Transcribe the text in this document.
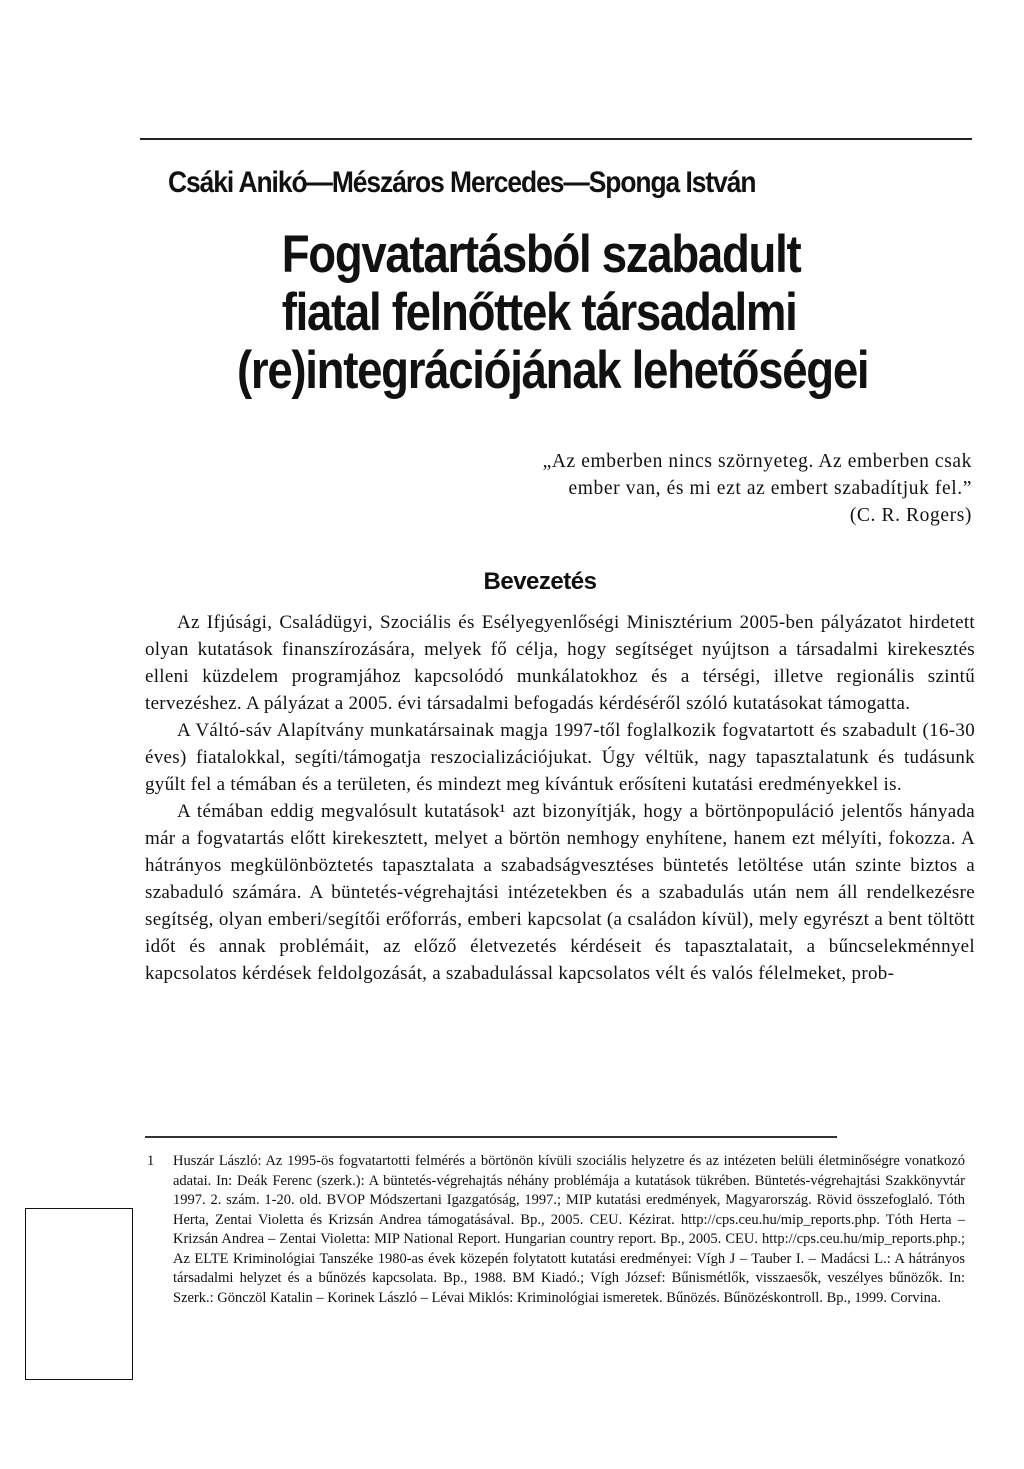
Csáki Anikó—Mészáros Mercedes—Sponga István
Fogvatartásból szabadult
fiatal felnőttek társadalmi
(re)integrációjának lehetőségei
„Az emberben nincs szörnyeteg. Az emberben csak
ember van, és mi ezt az embert szabadítjuk fel.”
(C. R. Rogers)
Bevezetés

Az Ifjúsági, Családügyi, Szociális és Esélyegyenlőségi Minisztérium 2005-ben pályázatot hirdetett olyan kutatások finanszírozására, melyek fő célja, hogy segítséget nyújtson a társadalmi kirekesztés elleni küzdelem programjához kapcsolódó munkálatokhoz és a térségi, illetve regionális szintű tervezéshez. A pályázat a 2005. évi társadalmi befogadás kérdéséről szóló kutatásokat támogatta.

A Váltó-sáv Alapítvány munkatársainak magja 1997-től foglalkozik fogvatartott és szabadult (16-30 éves) fiatalokkal, segíti/támogatja reszocializációjukat. Úgy véltük, nagy tapasztalatunk és tudásunk gyűlt fel a témában és a területen, és mindezt meg kívántuk erősíteni kutatási eredményekkel is.

A témában eddig megvalósult kutatások¹ azt bizonyítják, hogy a börtönpopuláció jelentős hányada már a fogvatartás előtt kirekesztett, melyet a börtön nemhogy enyhítene, hanem ezt mélyíti, fokozza. A hátrányos megkülönböztetés tapasztalata a szabadságvesztéses büntetés letöltése után szinte biztos a szabaduló számára. A büntetés-végrehajtási intézetekben és a szabadulás után nem áll rendelkezésre segítség, olyan emberi/segítői erőforrás, emberi kapcsolat (a családon kívül), mely egyrészt a bent töltött időt és annak problémáit, az előző életvezetés kérdéseit és tapasztalatait, a bűncselekménnyel kapcsolatos kérdések feldolgozását, a szabadulással kapcsolatos vélt és valós félelmeket, prob-

1 Huszár László: Az 1995-ös fogvatartotti felmérés a börtönön kívüli szociális helyzetre és az intézeten belüli életminőségre vonatkozó adatai. In: Deák Ferenc (szerk.): A büntetés-végrehajtás néhány problémája a kutatások tükrében. Büntetés-végrehajtási Szakkönyvtár 1997. 2. szám. 1-20. old. BVOP Módszertani Igazgatóság, 1997.; MIP kutatási eredmények, Magyarország. Rövid összefoglaló. Tóth Herta, Zentai Violetta és Krizsán Andrea támogatásával. Bp., 2005. CEU. Kézirat. http://cps.ceu.hu/mip_reports.php. Tóth Herta – Krizsán Andrea – Zentai Violetta: MIP National Report. Hungarian country report. Bp., 2005. CEU. http://cps.ceu.hu/mip_reports.php.; Az ELTE Kriminológiai Tanszéke 1980-as évek közepén folytatott kutatási eredményei: Vígh J – Tauber I. – Madácsi L.: A hátrányos társadalmi helyzet és a bűnözés kapcsolata. Bp., 1988. BM Kiadó.; Vígh József: Bűnismétlők, visszaesők, veszélyes bűnözők. In: Szerk.: Gönczöl Katalin – Korinek László – Lévai Miklós: Kriminológiai ismeretek. Bűnözés. Bűnözéskontroll. Bp., 1999. Corvina.
